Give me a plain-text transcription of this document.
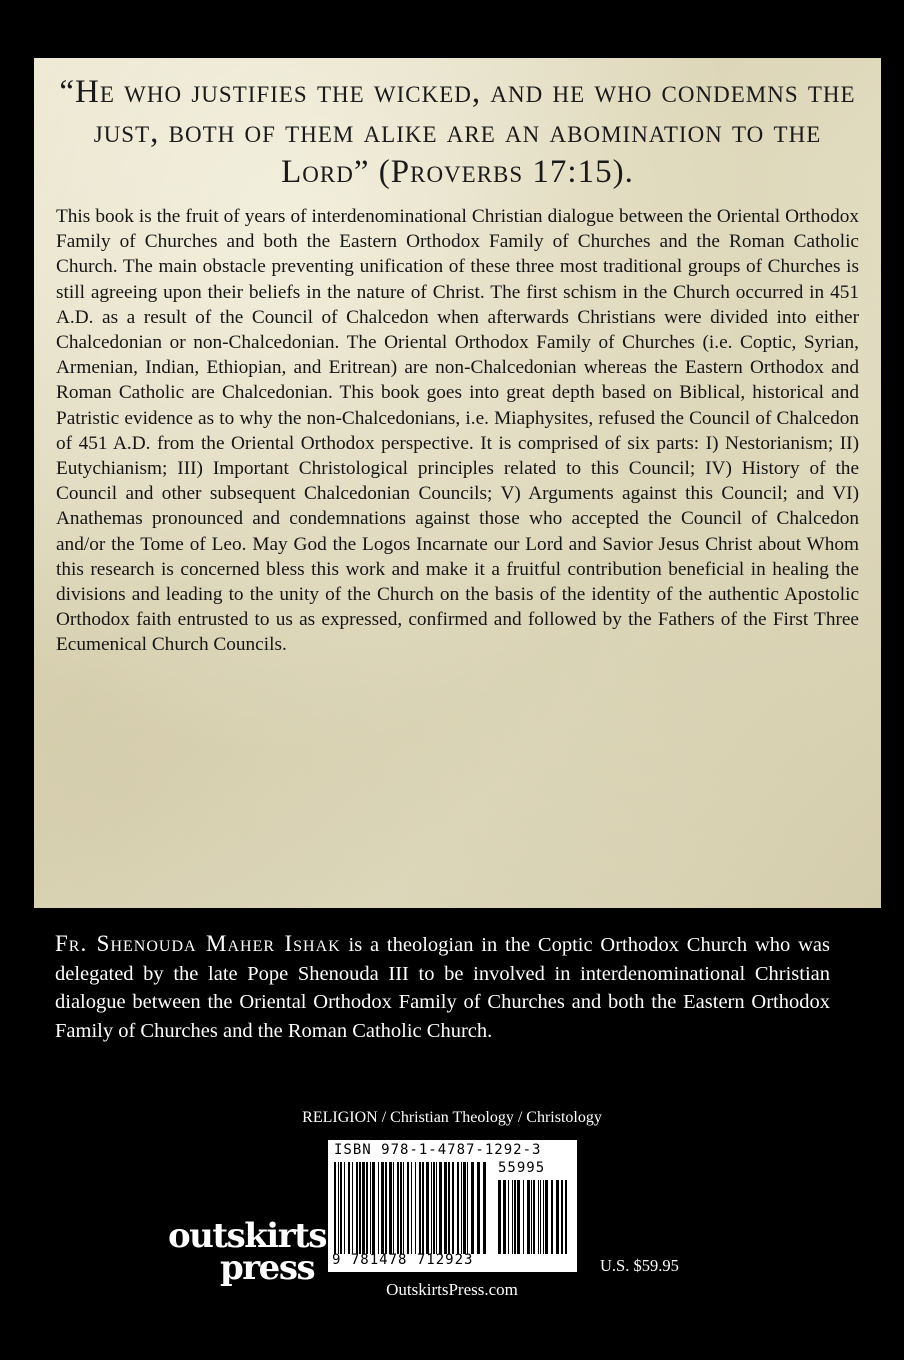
“He who justifies the wicked, and he who condemns the just, both of them alike are an abomination to the Lord” (Proverbs 17:15).

This book is the fruit of years of interdenominational Christian dialogue between the Oriental Orthodox Family of Churches and both the Eastern Orthodox Family of Churches and the Roman Catholic Church. The main obstacle preventing unification of these three most traditional groups of Churches is still agreeing upon their beliefs in the nature of Christ. The first schism in the Church occurred in 451 A.D. as a result of the Council of Chalcedon when afterwards Christians were divided into either Chalcedonian or non-Chalcedonian. The Oriental Orthodox Family of Churches (i.e. Coptic, Syrian, Armenian, Indian, Ethiopian, and Eritrean) are non-Chalcedonian whereas the Eastern Orthodox and Roman Catholic are Chalcedonian. This book goes into great depth based on Biblical, historical and Patristic evidence as to why the non-Chalcedonians, i.e. Miaphysites, refused the Council of Chalcedon of 451 A.D. from the Oriental Orthodox perspective. It is comprised of six parts: I) Nestorianism; II) Eutychianism; III) Important Christological principles related to this Council; IV) History of the Council and other subsequent Chalcedonian Councils; V) Arguments against this Council; and VI) Anathemas pronounced and condemnations against those who accepted the Council of Chalcedon and/or the Tome of Leo. May God the Logos Incarnate our Lord and Savior Jesus Christ about Whom this research is concerned bless this work and make it a fruitful contribution beneficial in healing the divisions and leading to the unity of the Church on the basis of the identity of the authentic Apostolic Orthodox faith entrusted to us as expressed, confirmed and followed by the Fathers of the First Three Ecumenical Church Councils.

Fr. Shenouda Maher Ishak is a theologian in the Coptic Orthodox Church who was delegated by the late Pope Shenouda III to be involved in interdenominational Christian dialogue between the Oriental Orthodox Family of Churches and both the Eastern Orthodox Family of Churches and the Roman Catholic Church.

RELIGION / Christian Theology / Christology
ISBN 978-1-4787-1292-3
55995
9 781478 712923
outskirts
press	U.S. $59.95
OutskirtsPress.com
